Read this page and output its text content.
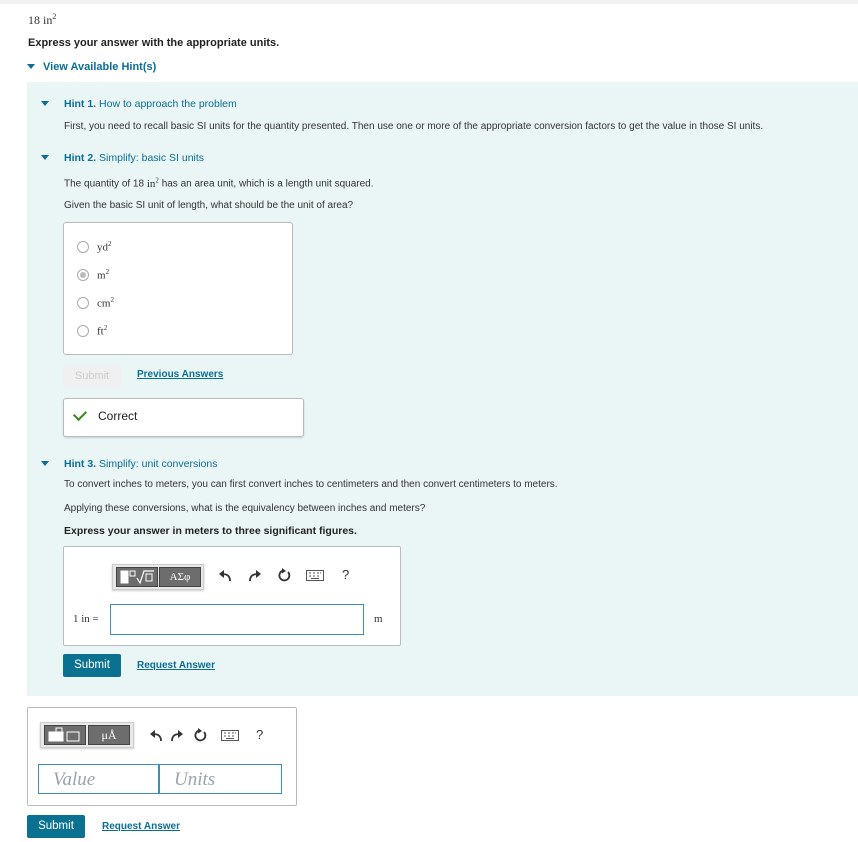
18 $in^2$
Express your answer with the appropriate units.
View Available Hint(s)
Hint 1. How to approach the problem
First, you need to recall basic SI units for the quantity presented. Then use one or more of the appropriate conversion factors to get the value in those SI units.
Hint 2. Simplify: basic SI units
The quantity of 18 $in^2$ has an area unit, which is a length unit squared.
Given the basic SI unit of length, what should be the unit of area?
$yd^2$
$m^2$
$cm^2$
$ft^2$
Submit	Previous Answers
Correct
Hint 3. Simplify: unit conversions
To convert inches to meters, you can first convert inches to centimeters and then convert centimeters to meters.
Applying these conversions, what is the equivalency between inches and meters?
Express your answer in meters to three significant figures.
ΑΣφ	?
1 in =	m
Submit	Request Answer
μÅ	?
Value	Units
Submit	Request Answer
